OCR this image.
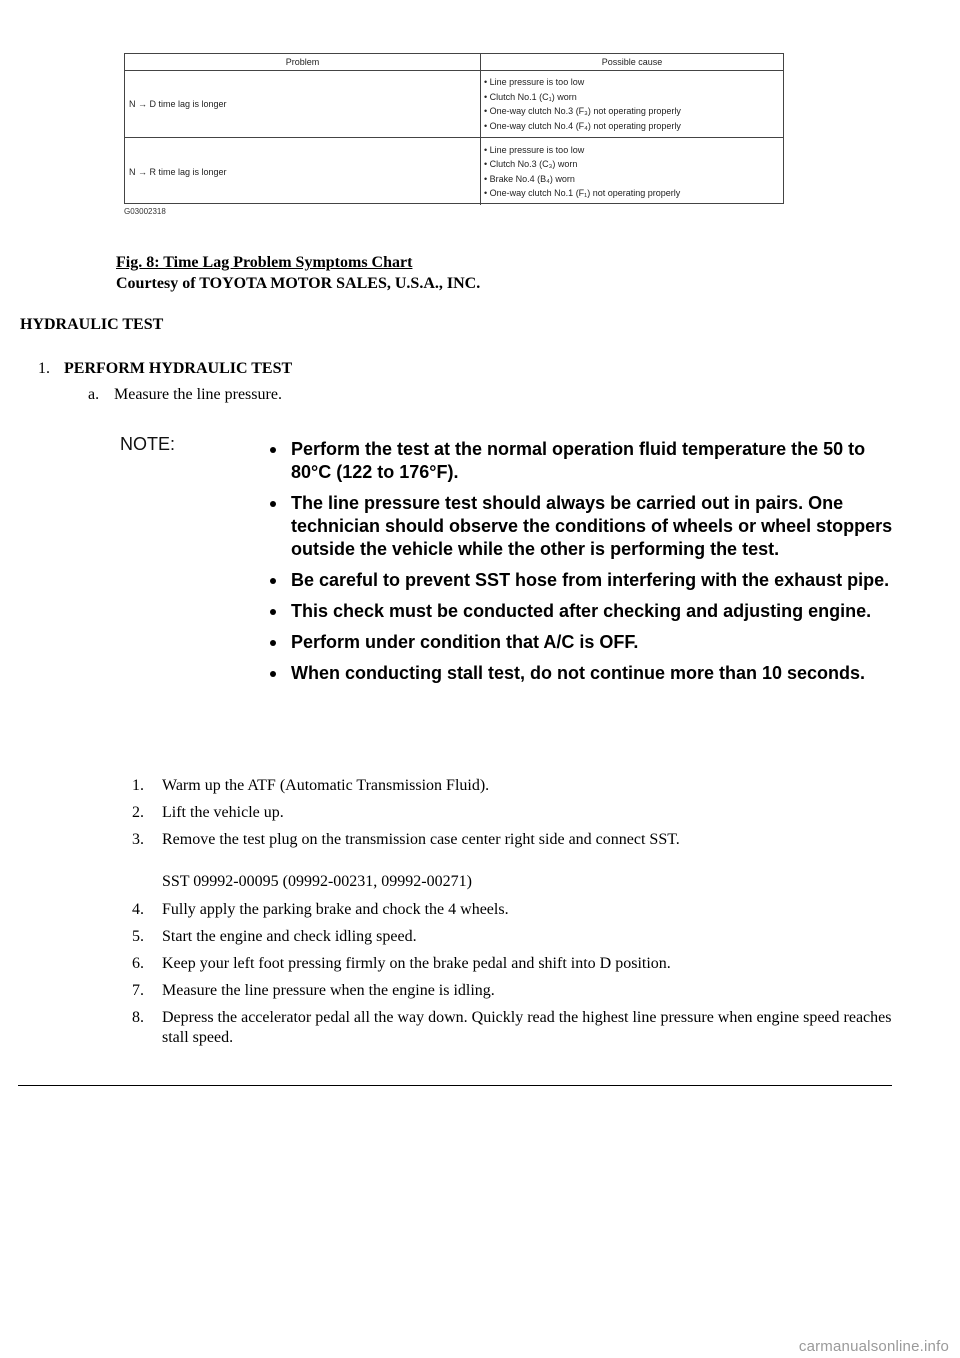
Problem	Possible cause
N → D time lag is longer	• Line pressure is too low
• Clutch No.1 (C₁) worn
• One-way clutch No.3 (F₃) not operating properly
• One-way clutch No.4 (F₄) not operating properly

N → R time lag is longer	• Line pressure is too low
• Clutch No.3 (C₃) worn
• Brake No.4 (B₄) worn
• One-way clutch No.1 (F₁) not operating properly
G03002318
Fig. 8: Time Lag Problem Symptoms Chart
Courtesy of TOYOTA MOTOR SALES, U.S.A., INC.
HYDRAULIC TEST
1. PERFORM HYDRAULIC TEST
a. Measure the line pressure.
NOTE:	Perform the test at the normal operation fluid temperature the 50 to 80°C (122 to 176°F).
The line pressure test should always be carried out in pairs. One technician should observe the conditions of wheels or wheel stoppers outside the vehicle while the other is performing the test.
Be careful to prevent SST hose from interfering with the exhaust pipe.
This check must be conducted after checking and adjusting engine.
Perform under condition that A/C is OFF.
When conducting stall test, do not continue more than 10 seconds.
1. Warm up the ATF (Automatic Transmission Fluid).
2. Lift the vehicle up.
3. Remove the test plug on the transmission case center right side and connect SST.
SST 09992-00095 (09992-00231, 09992-00271)
4. Fully apply the parking brake and chock the 4 wheels.
5. Start the engine and check idling speed.
6. Keep your left foot pressing firmly on the brake pedal and shift into D position.
7. Measure the line pressure when the engine is idling.
8. Depress the accelerator pedal all the way down. Quickly read the highest line pressure when engine speed reaches stall speed.
carmanualsonline.info
